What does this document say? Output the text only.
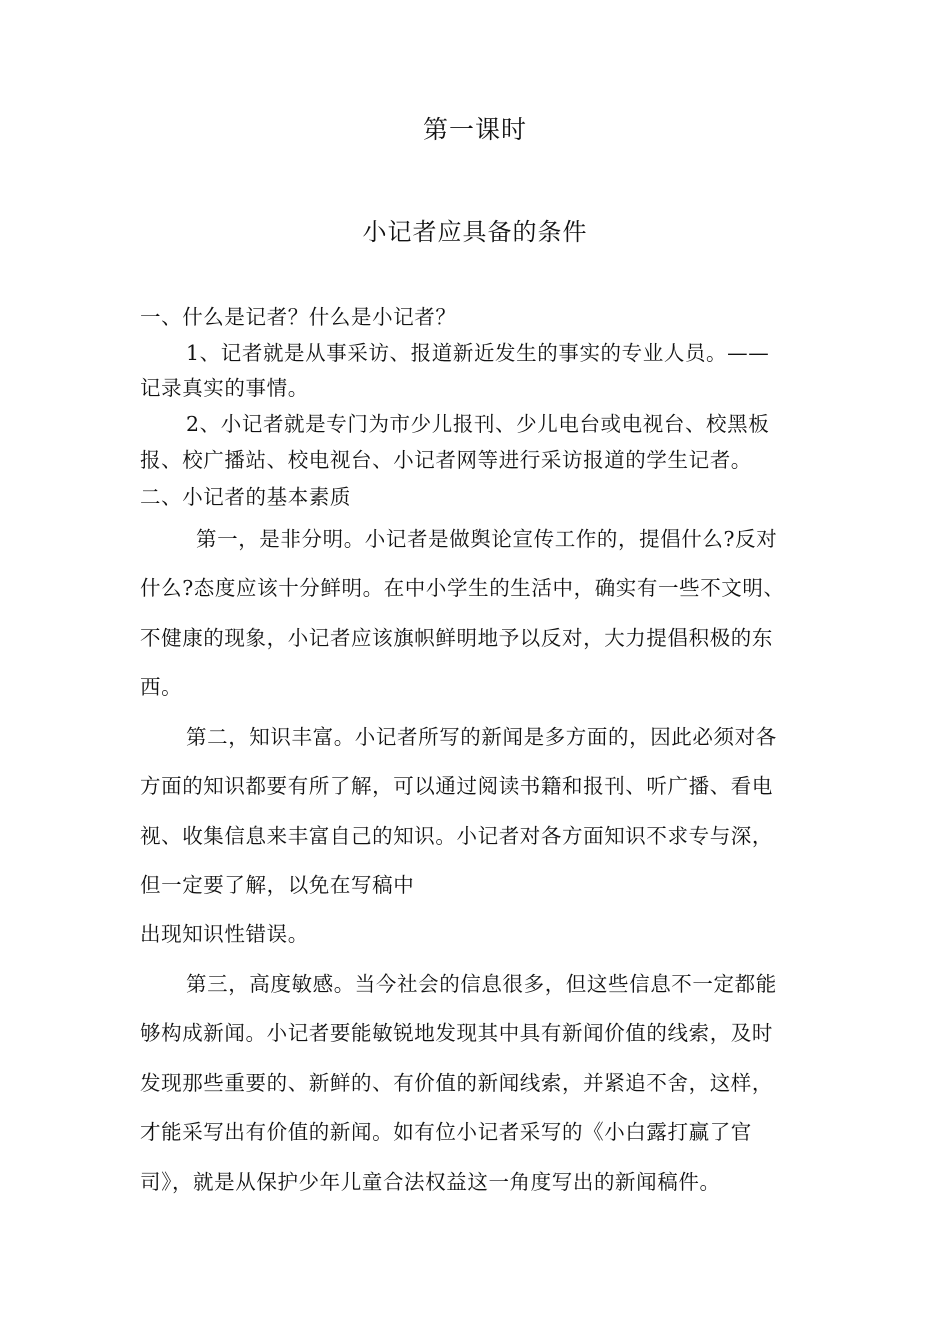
第一课时
小记者应具备的条件
一、什么是记者？什么是小记者？
1、记者就是从事采访、报道新近发生的事实的专业人员。——
记录真实的事情。
2、小记者就是专门为市少儿报刊、少儿电台或电视台、校黑板
报、校广播站、校电视台、小记者网等进行采访报道的学生记者。
二、小记者的基本素质
第一，是非分明。小记者是做舆论宣传工作的，提倡什么?反对
什么?态度应该十分鲜明。在中小学生的生活中，确实有一些不文明、
不健康的现象，小记者应该旗帜鲜明地予以反对，大力提倡积极的东
西。
第二，知识丰富。小记者所写的新闻是多方面的，因此必须对各
方面的知识都要有所了解，可以通过阅读书籍和报刊、听广播、看电
视、收集信息来丰富自己的知识。小记者对各方面知识不求专与深，
但一定要了解，以免在写稿中
出现知识性错误。
第三，高度敏感。当今社会的信息很多，但这些信息不一定都能
够构成新闻。小记者要能敏锐地发现其中具有新闻价值的线索，及时
发现那些重要的、新鲜的、有价值的新闻线索，并紧追不舍，这样，
才能采写出有价值的新闻。如有位小记者采写的《小白露打赢了官
司》，就是从保护少年儿童合法权益这一角度写出的新闻稿件。
